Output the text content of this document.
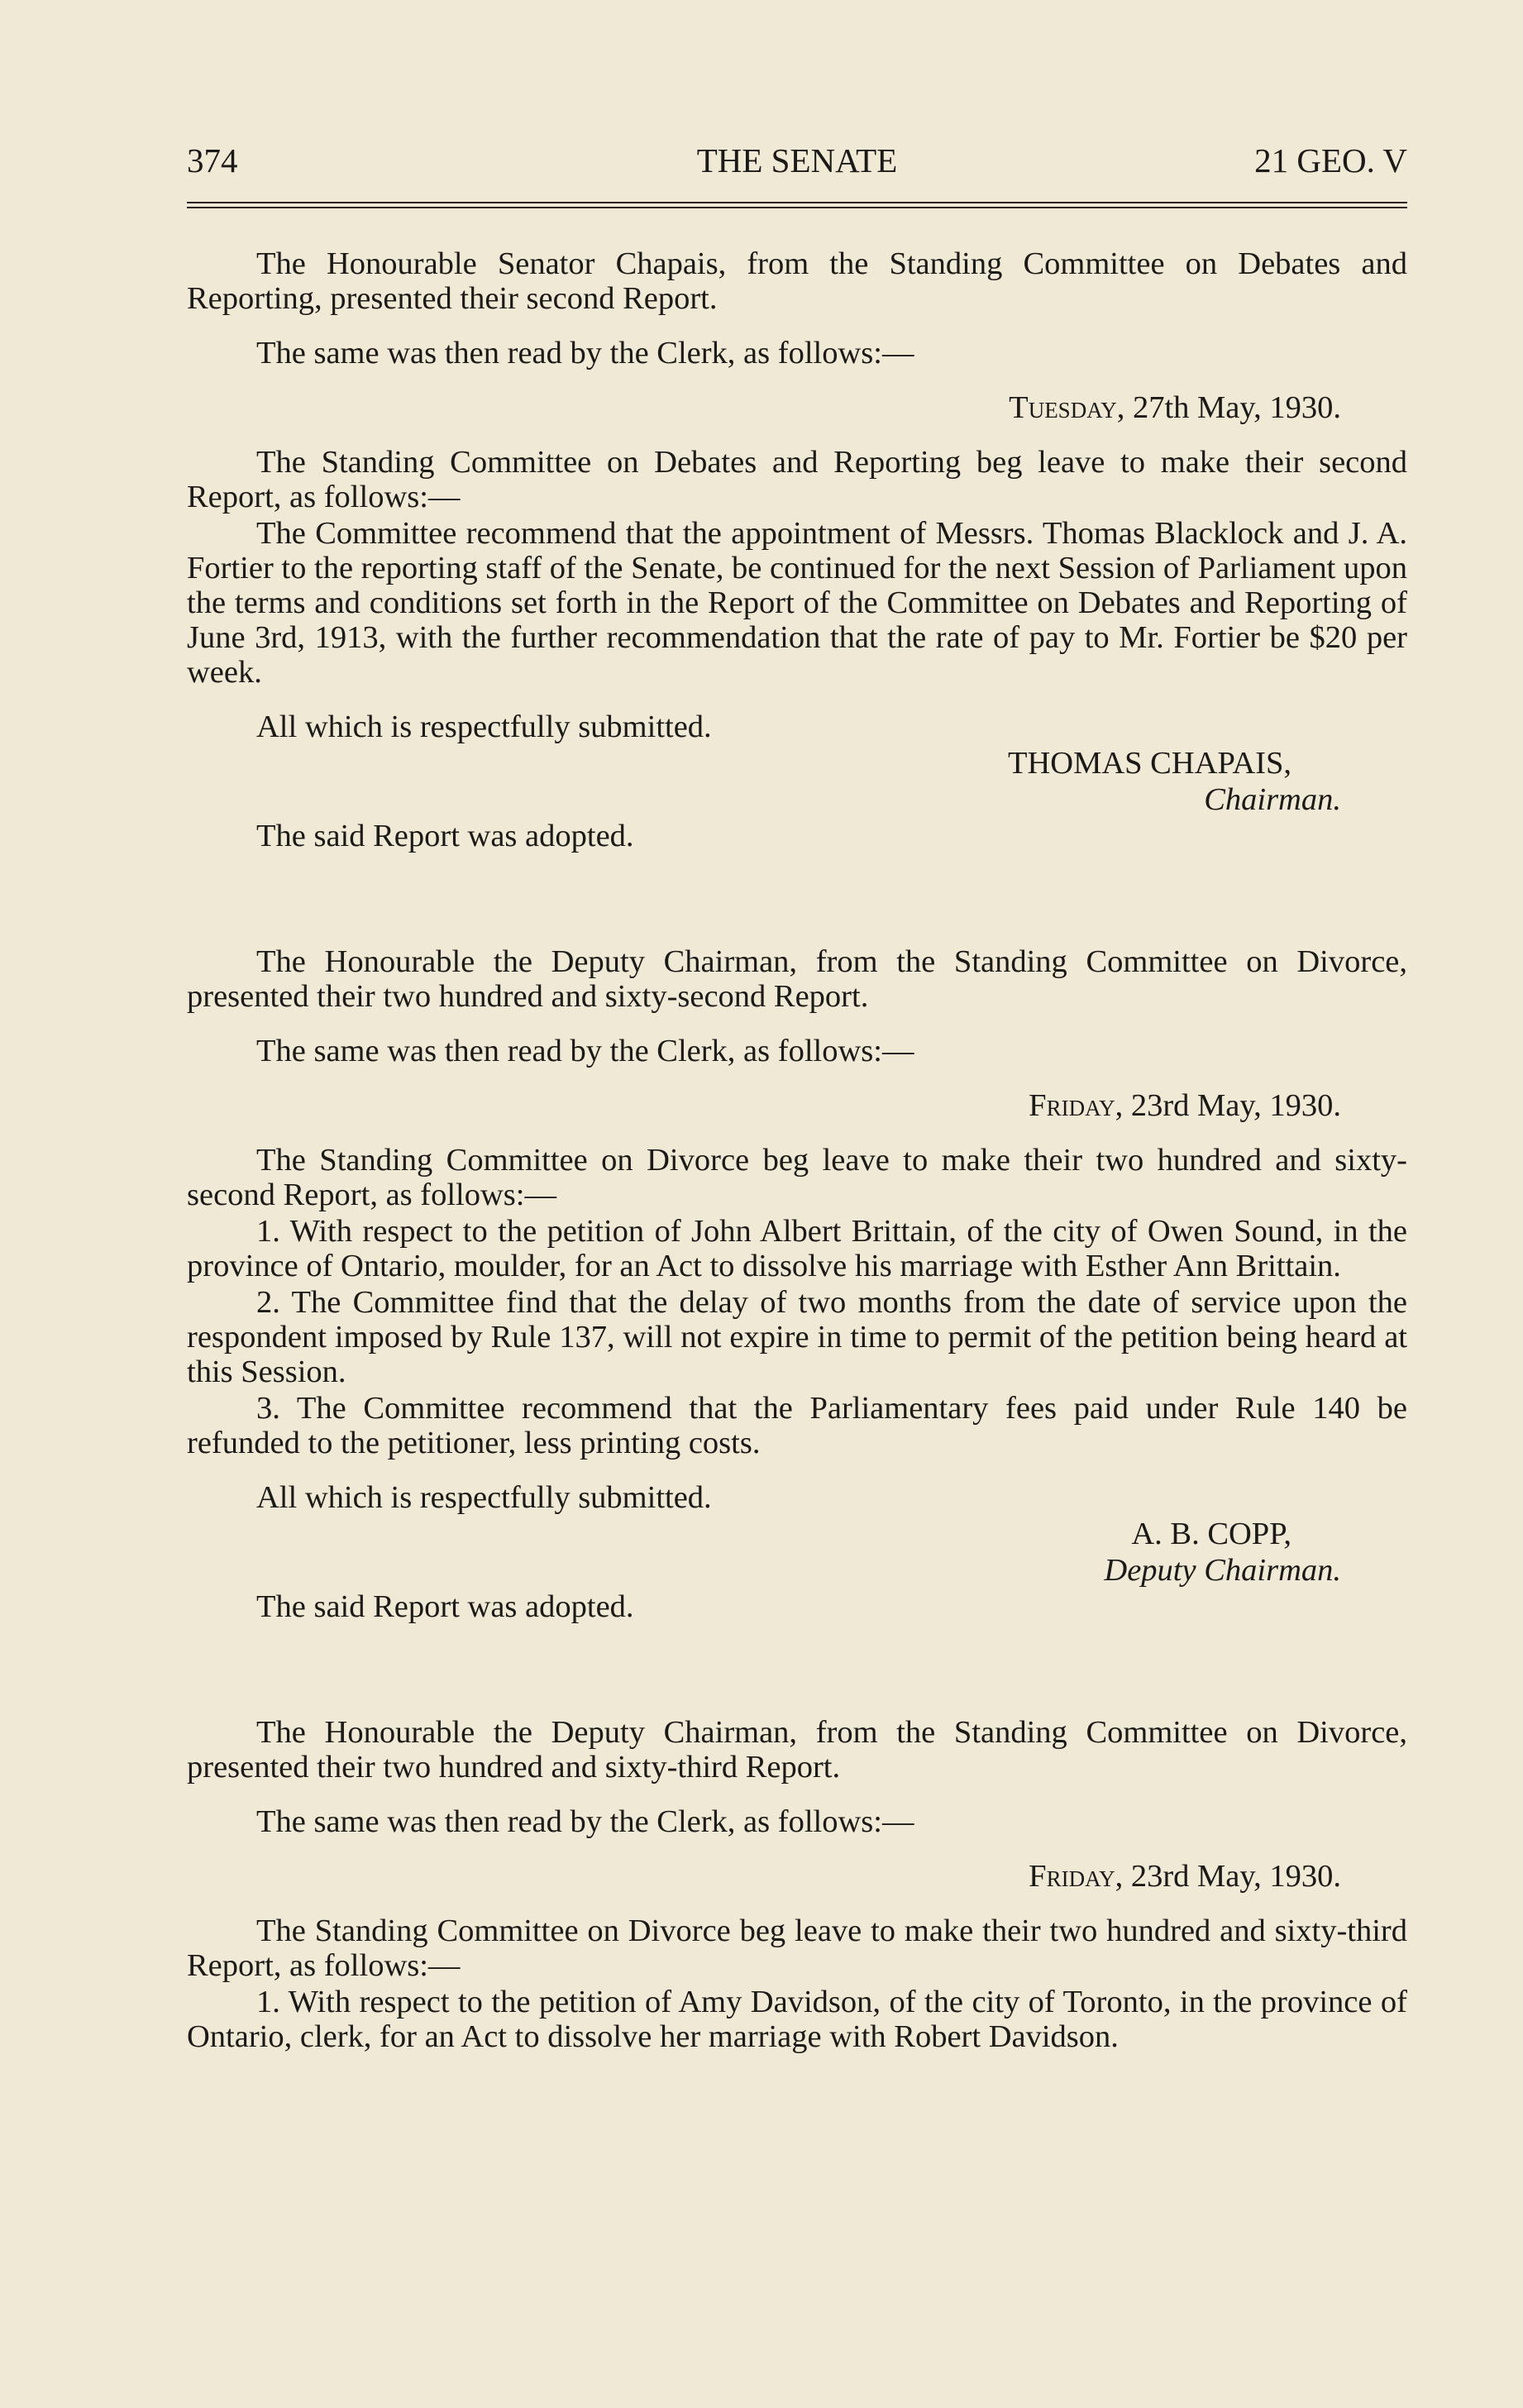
374	THE SENATE	21 GEO. V

The Honourable Senator Chapais, from the Standing Committee on Debates and Reporting, presented their second Report.

The same was then read by the Clerk, as follows:—

Tuesday, 27th May, 1930.

The Standing Committee on Debates and Reporting beg leave to make their second Report, as follows:—

The Committee recommend that the appointment of Messrs. Thomas Blacklock and J. A. Fortier to the reporting staff of the Senate, be continued for the next Session of Parliament upon the terms and conditions set forth in the Report of the Committee on Debates and Reporting of June 3rd, 1913, with the further recommendation that the rate of pay to Mr. Fortier be $20 per week.

All which is respectfully submitted.

THOMAS CHAPAIS,

Chairman.

The said Report was adopted.

The Honourable the Deputy Chairman, from the Standing Committee on Divorce, presented their two hundred and sixty-second Report.

The same was then read by the Clerk, as follows:—

Friday, 23rd May, 1930.

The Standing Committee on Divorce beg leave to make their two hundred and sixty-second Report, as follows:—

1. With respect to the petition of John Albert Brittain, of the city of Owen Sound, in the province of Ontario, moulder, for an Act to dissolve his marriage with Esther Ann Brittain.

2. The Committee find that the delay of two months from the date of service upon the respondent imposed by Rule 137, will not expire in time to permit of the petition being heard at this Session.

3. The Committee recommend that the Parliamentary fees paid under Rule 140 be refunded to the petitioner, less printing costs.

All which is respectfully submitted.

A. B. COPP,

Deputy Chairman.

The said Report was adopted.

The Honourable the Deputy Chairman, from the Standing Committee on Divorce, presented their two hundred and sixty-third Report.

The same was then read by the Clerk, as follows:—

Friday, 23rd May, 1930.

The Standing Committee on Divorce beg leave to make their two hundred and sixty-third Report, as follows:—

1. With respect to the petition of Amy Davidson, of the city of Toronto, in the province of Ontario, clerk, for an Act to dissolve her marriage with Robert Davidson.
